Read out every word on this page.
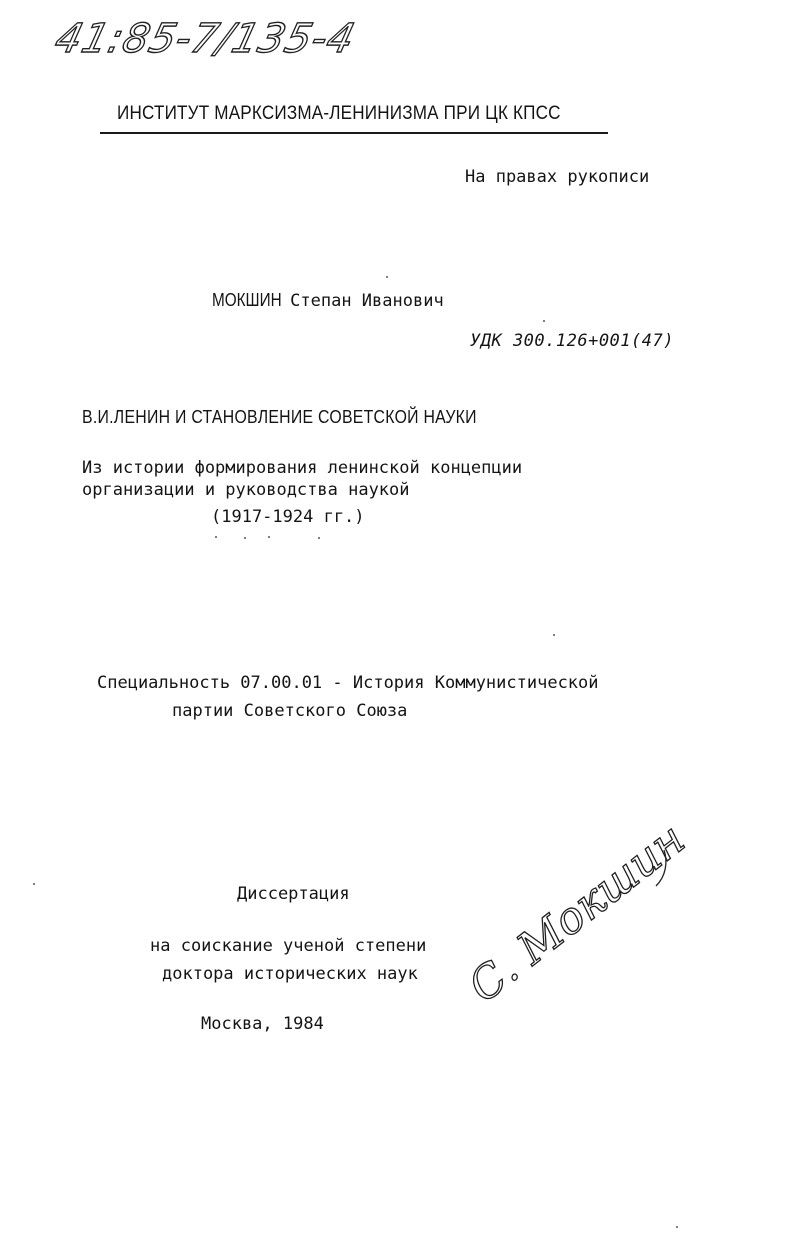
41:85-7/135-4
ИНСТИТУТ МАРКСИЗМА-ЛЕНИНИЗМА ПРИ ЦК КПСС
На правах рукописи
МОКШИН Степан Иванович
УДК 300.126+001(47)
В.И.ЛЕНИН И СТАНОВЛЕНИЕ СОВЕТСКОЙ НАУКИ
Из истории формирования ленинской концепции
организации и руководства наукой
(1917-1924 гг.)
Специальность 07.00.01 - История Коммунистической
партии Советского Союза
Диссертация
на соискание ученой степени
доктора исторических наук
Москва, 1984
С. Мокшин
